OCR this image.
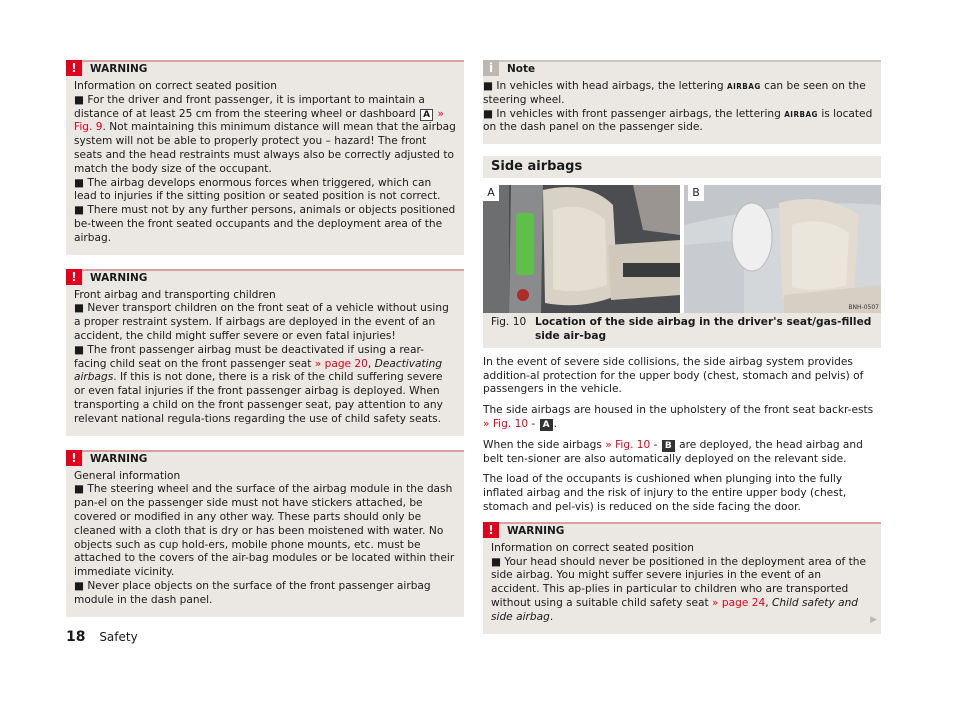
!	WARNING

Information on correct seated position

■ For the driver and front passenger, it is important to maintain a distance of at least 25 cm from the steering wheel or dashboard A » Fig. 9. Not maintaining this minimum distance will mean that the airbag system will not be able to properly protect you – hazard! The front seats and the head restraints must always also be correctly adjusted to match the body size of the occupant.

■ The airbag develops enormous forces when triggered, which can lead to injuries if the sitting position or seated position is not correct.

■ There must not by any further persons, animals or objects positioned be-tween the front seated occupants and the deployment area of the airbag.

!	WARNING

Front airbag and transporting children

■ Never transport children on the front seat of a vehicle without using a proper restraint system. If airbags are deployed in the event of an accident, the child might suffer severe or even fatal injuries!

■ The front passenger airbag must be deactivated if using a rear-facing child seat on the front passenger seat » page 20, Deactivating airbags. If this is not done, there is a risk of the child suffering severe or even fatal injuries if the front passenger airbag is deployed. When transporting a child on the front passenger seat, pay attention to any relevant national regula-tions regarding the use of child safety seats.

!	WARNING

General information

■ The steering wheel and the surface of the airbag module in the dash pan-el on the passenger side must not have stickers attached, be covered or modified in any other way. These parts should only be cleaned with a cloth that is dry or has been moistened with water. No objects such as cup hold-ers, mobile phone mounts, etc. must be attached to the covers of the air-bag modules or be located within their immediate vicinity.

■ Never place objects on the surface of the front passenger airbag module in the dash panel.

i	Note

■ In vehicles with head airbags, the lettering AIRBAG can be seen on the steering wheel.

■ In vehicles with front passenger airbags, the lettering AIRBAG is located on the dash panel on the passenger side.

Side airbags
A	B
BNH-0507
Fig. 10 Location of the side airbag in the driver's seat/gas-filled side air-bag

In the event of severe side collisions, the side airbag system provides addition-al protection for the upper body (chest, stomach and pelvis) of passengers in the vehicle.

The side airbags are housed in the upholstery of the front seat backr-ests » Fig. 10 - A .

When the side airbags » Fig. 10 - B are deployed, the head airbag and belt ten-sioner are also automatically deployed on the relevant side.

The load of the occupants is cushioned when plunging into the fully inflated airbag and the risk of injury to the entire upper body (chest, stomach and pel-vis) is reduced on the side facing the door.

!	WARNING

Information on correct seated position

■ Your head should never be positioned in the deployment area of the side airbag. You might suffer severe injuries in the event of an accident. This ap-plies in particular to children who are transported without using a suitable child safety seat » page 24, Child safety and side airbag.	▶
18 Safety
